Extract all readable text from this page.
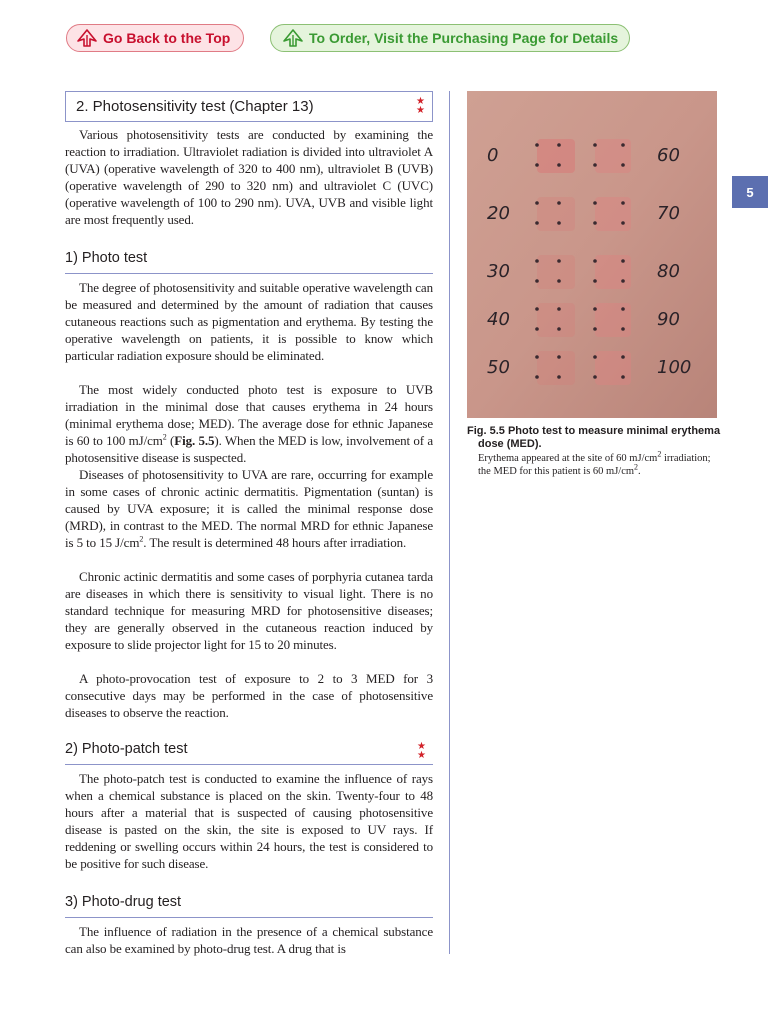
Go Back to the Top	To Order, Visit the Purchasing Page for Details
2. Photosensitivity test (Chapter 13)	★
★

Various photosensitivity tests are conducted by examining the reaction to irradiation. Ultraviolet radiation is divided into ultraviolet A (UVA) (operative wavelength of 320 to 400 nm), ultraviolet B (UVB) (operative wavelength of 290 to 320 nm) and ultraviolet C (UVC) (operative wavelength of 100 to 290 nm). UVA, UVB and visible light are most frequently used.

1) Photo test

The degree of photosensitivity and suitable operative wavelength can be measured and determined by the amount of radiation that causes cutaneous reactions such as pigmentation and erythema. By testing the operative wavelength on patients, it is possible to know which particular radiation exposure should be eliminated.

The most widely conducted photo test is exposure to UVB irradiation in the minimal dose that causes erythema in 24 hours (minimal erythema dose; MED). The average dose for ethnic Japanese is 60 to 100 $mJ/cm^2$ (Fig. 5.5). When the MED is low, involvement of a photosensitive disease is suspected.

Diseases of photosensitivity to UVA are rare, occurring for example in some cases of chronic actinic dermatitis. Pigmentation (suntan) is caused by UVA exposure; it is called the minimal response dose (MRD), in contrast to the MED. The normal MRD for ethnic Japanese is 5 to 15 $J/cm^2$. The result is determined 48 hours after irradiation.

Chronic actinic dermatitis and some cases of porphyria cutanea tarda are diseases in which there is sensitivity to visual light. There is no standard technique for measuring MRD for photosensitive diseases; they are generally observed in the cutaneous reaction induced by exposure to slide projector light for 15 to 20 minutes.

A photo-provocation test of exposure to 2 to 3 MED for 3 consecutive days may be performed in the case of photosensitive diseases to observe the reaction.

2) Photo-patch test	★
★

The photo-patch test is conducted to examine the influence of rays when a chemical substance is placed on the skin. Twenty-four to 48 hours after a material that is suspected of causing photosensitive disease is pasted on the skin, the site is exposed to UV rays. If reddening or swelling occurs within 24 hours, the test is considered to be positive for such disease.

3) Photo-drug test

The influence of radiation in the presence of a chemical substance can also be examined by photo-drug test. A drug that is

0	60
20	70
30	80
40	90
50	100

Fig. 5.5 Photo test to measure minimal erythema dose (MED).

Erythema appeared at the site of 60 $mJ/cm^2$ irradiation; the MED for this patient is 60 $mJ/cm^2$.

5
